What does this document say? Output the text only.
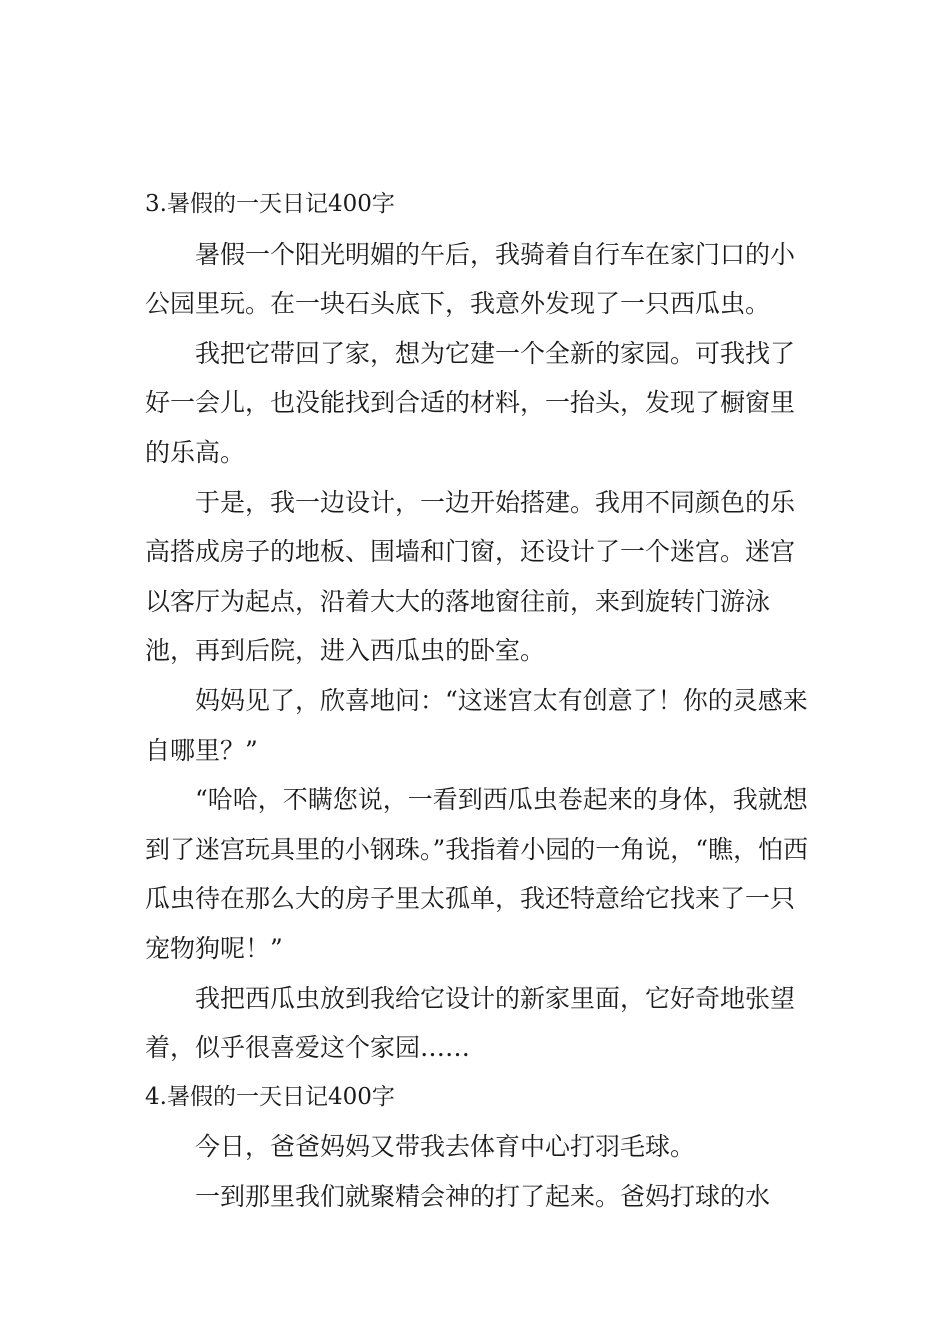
3.暑假的一天日记400字

暑假一个阳光明媚的午后，我骑着自行车在家门口的小公园里玩。在一块石头底下，我意外发现了一只西瓜虫。

我把它带回了家，想为它建一个全新的家园。可我找了好一会儿，也没能找到合适的材料，一抬头，发现了橱窗里的乐高。

于是，我一边设计，一边开始搭建。我用不同颜色的乐高搭成房子的地板、围墙和门窗，还设计了一个迷宫。迷宫以客厅为起点，沿着大大的落地窗往前，来到旋转门游泳池，再到后院，进入西瓜虫的卧室。

妈妈见了，欣喜地问：“这迷宫太有创意了！你的灵感来自哪里？”

“哈哈，不瞒您说，一看到西瓜虫卷起来的身体，我就想到了迷宫玩具里的小钢珠。”我指着小园的一角说，“瞧，怕西瓜虫待在那么大的房子里太孤单，我还特意给它找来了一只宠物狗呢！”

我把西瓜虫放到我给它设计的新家里面，它好奇地张望着，似乎很喜爱这个家园……

4.暑假的一天日记400字

今日，爸爸妈妈又带我去体育中心打羽毛球。

一到那里我们就聚精会神的打了起来。爸妈打球的水
